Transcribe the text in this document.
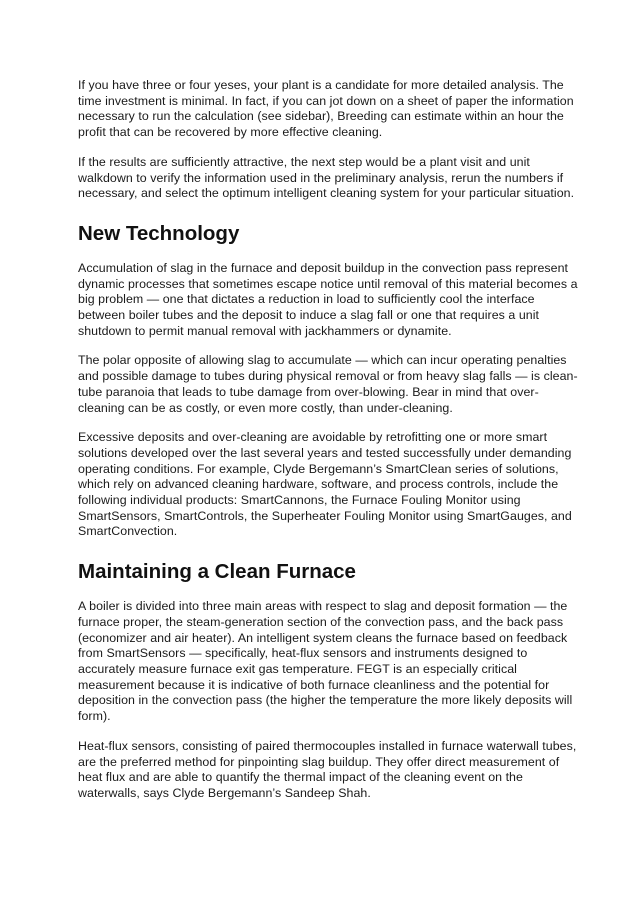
If you have three or four yeses, your plant is a candidate for more detailed analysis. The time investment is minimal. In fact, if you can jot down on a sheet of paper the information necessary to run the calculation (see sidebar), Breeding can estimate within an hour the profit that can be recovered by more effective cleaning.

If the results are sufficiently attractive, the next step would be a plant visit and unit walkdown to verify the information used in the preliminary analysis, rerun the numbers if necessary, and select the optimum intelligent cleaning system for your particular situation.

New Technology

Accumulation of slag in the furnace and deposit buildup in the convection pass represent dynamic processes that sometimes escape notice until removal of this material becomes a big problem — one that dictates a reduction in load to sufficiently cool the interface between boiler tubes and the deposit to induce a slag fall or one that requires a unit shutdown to permit manual removal with jackhammers or dynamite.

The polar opposite of allowing slag to accumulate — which can incur operating penalties and possible damage to tubes during physical removal or from heavy slag falls — is clean-tube paranoia that leads to tube damage from over-blowing. Bear in mind that over-cleaning can be as costly, or even more costly, than under-cleaning.

Excessive deposits and over-cleaning are avoidable by retrofitting one or more smart solutions developed over the last several years and tested successfully under demanding operating conditions. For example, Clyde Bergemann’s SmartClean series of solutions, which rely on advanced cleaning hardware, software, and process controls, include the following individual products: SmartCannons, the Furnace Fouling Monitor using SmartSensors, SmartControls, the Superheater Fouling Monitor using SmartGauges, and SmartConvection.

Maintaining a Clean Furnace

A boiler is divided into three main areas with respect to slag and deposit formation — the furnace proper, the steam-generation section of the convection pass, and the back pass (economizer and air heater). An intelligent system cleans the furnace based on feedback from SmartSensors — specifically, heat-flux sensors and instruments designed to accurately measure furnace exit gas temperature. FEGT is an especially critical measurement because it is indicative of both furnace cleanliness and the potential for deposition in the convection pass (the higher the temperature the more likely deposits will form).

Heat-flux sensors, consisting of paired thermocouples installed in furnace waterwall tubes, are the preferred method for pinpointing slag buildup. They offer direct measurement of heat flux and are able to quantify the thermal impact of the cleaning event on the waterwalls, says Clyde Bergemann’s Sandeep Shah.
